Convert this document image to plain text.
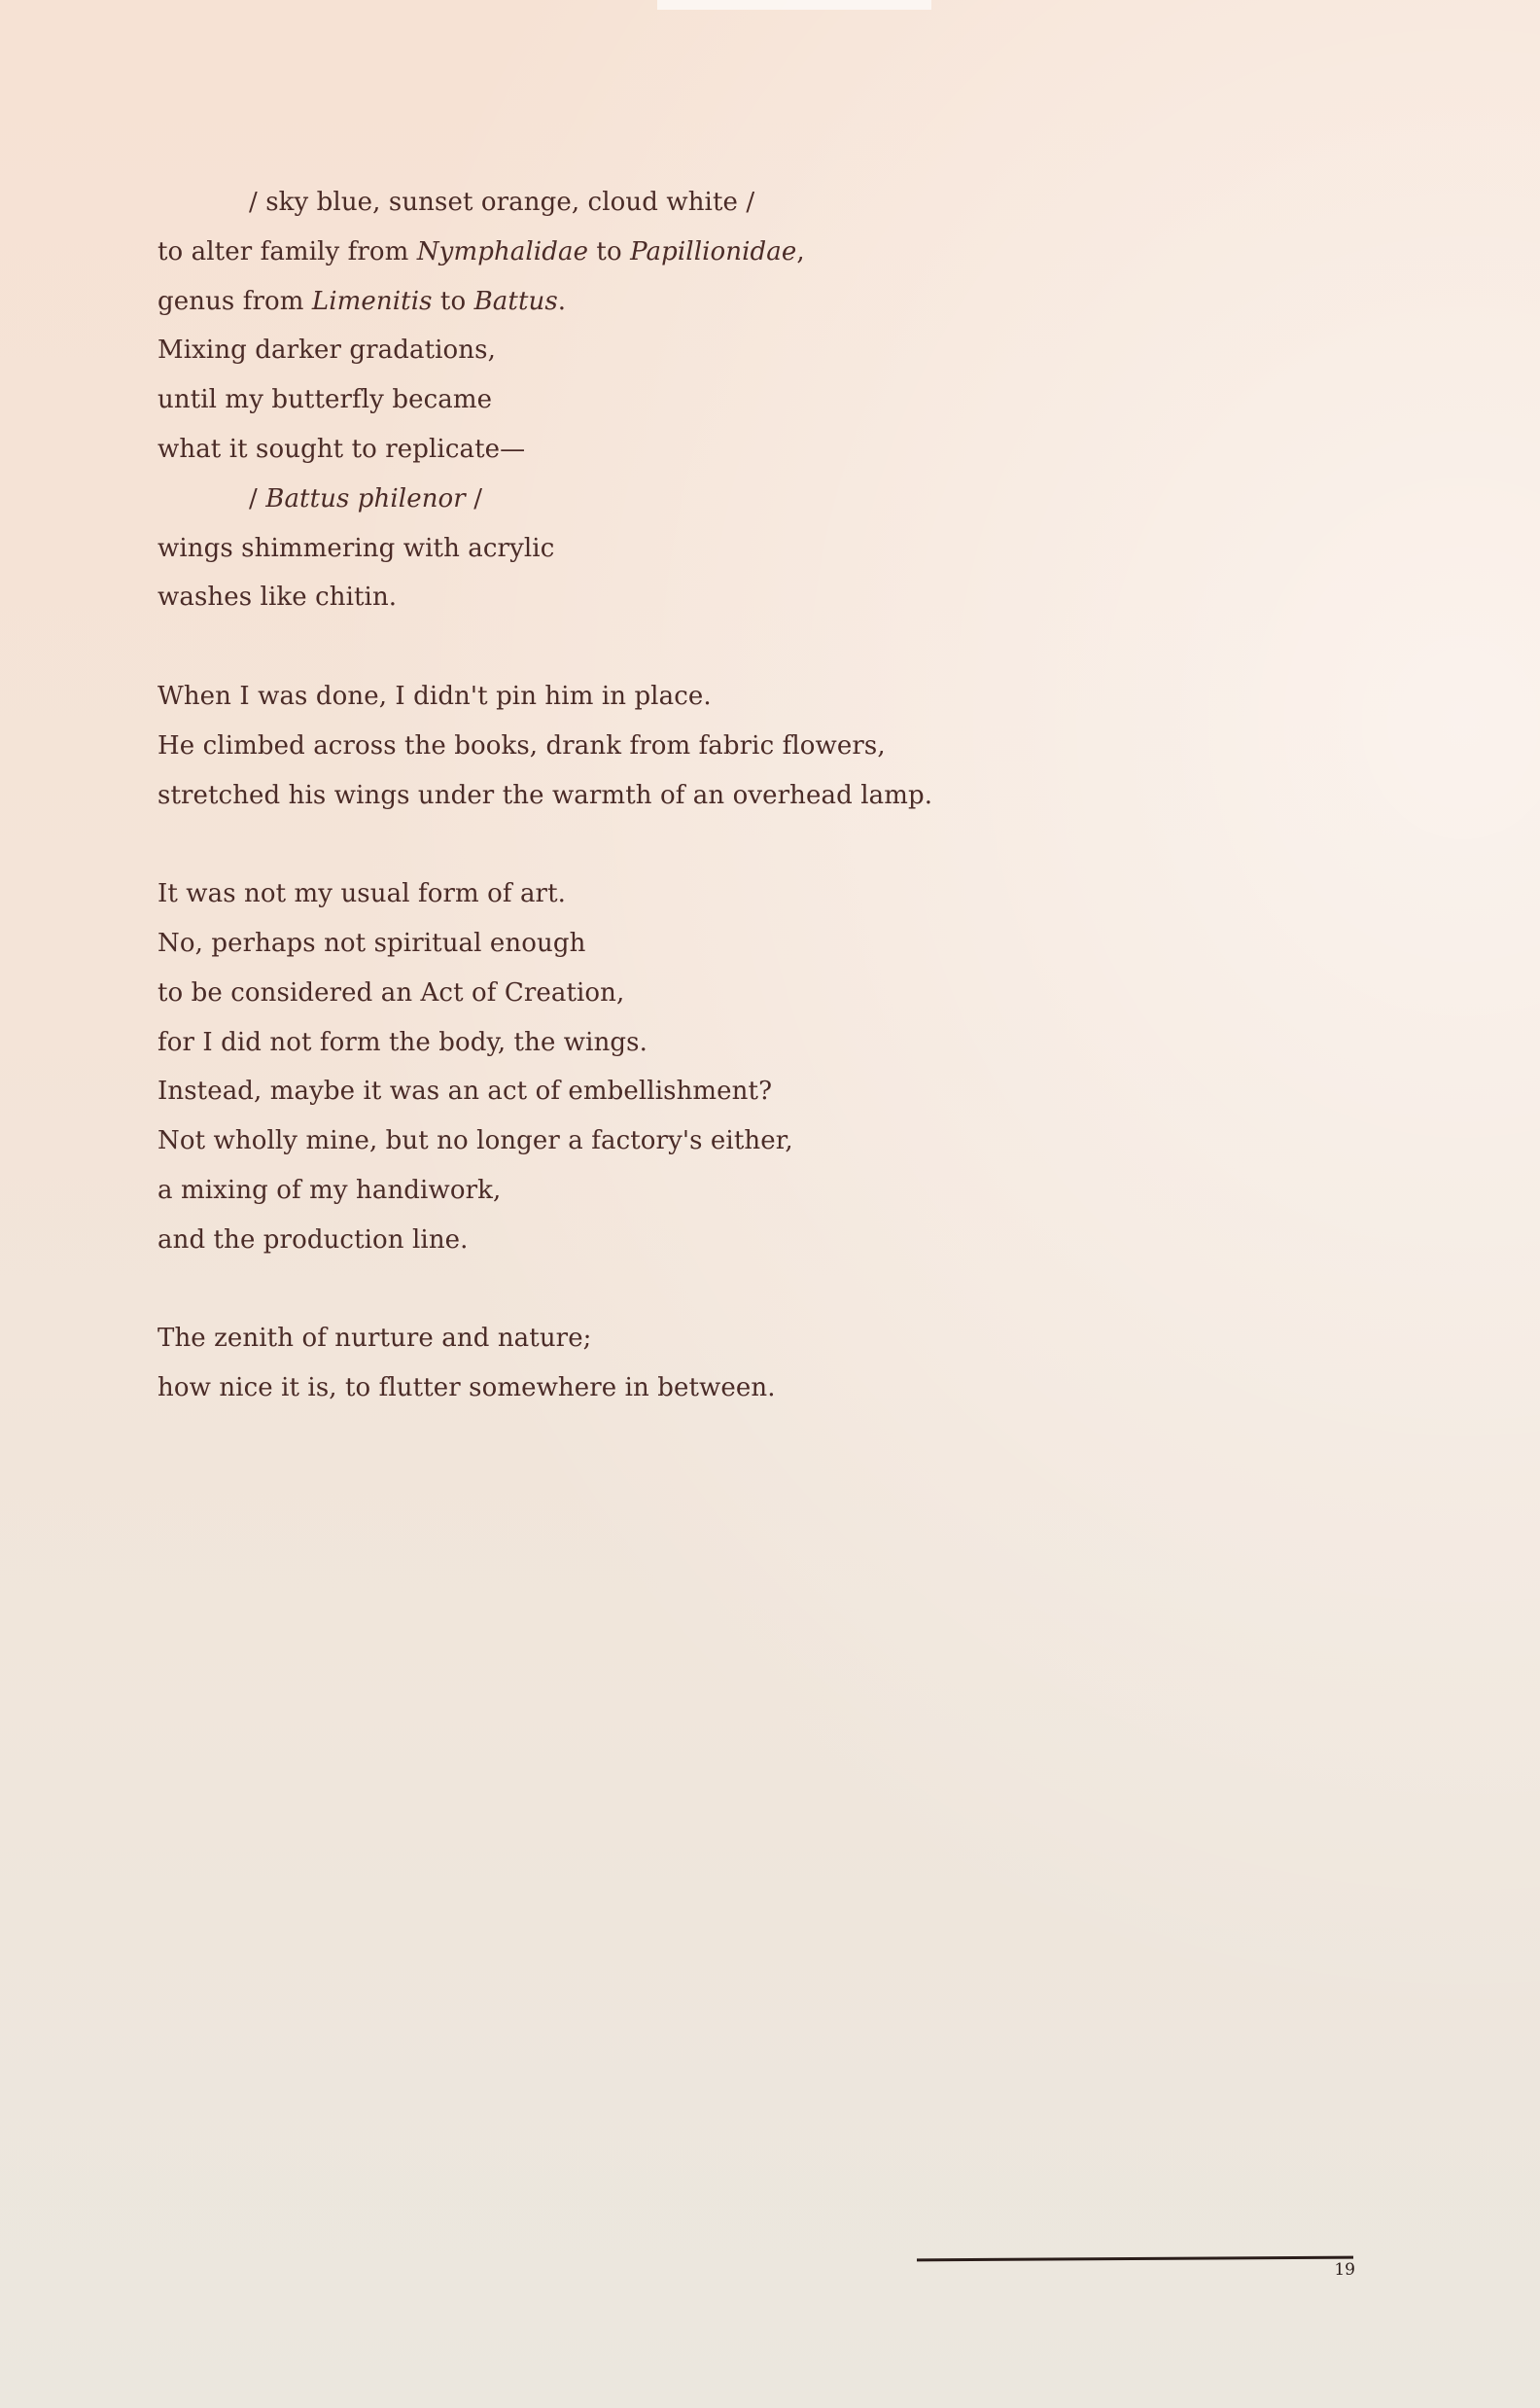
/ sky blue, sunset orange, cloud white /
to alter family from Nymphalidae to Papillionidae,
genus from Limenitis to Battus.
Mixing darker gradations,
until my butterfly became
what it sought to replicate—
/ Battus philenor /
wings shimmering with acrylic
washes like chitin.
When I was done, I didn't pin him in place.
He climbed across the books, drank from fabric flowers,
stretched his wings under the warmth of an overhead lamp.
It was not my usual form of art.
No, perhaps not spiritual enough
to be considered an Act of Creation,
for I did not form the body, the wings.
Instead, maybe it was an act of embellishment?
Not wholly mine, but no longer a factory's either,
a mixing of my handiwork,
and the production line.
The zenith of nurture and nature;
how nice it is, to flutter somewhere in between.
19
